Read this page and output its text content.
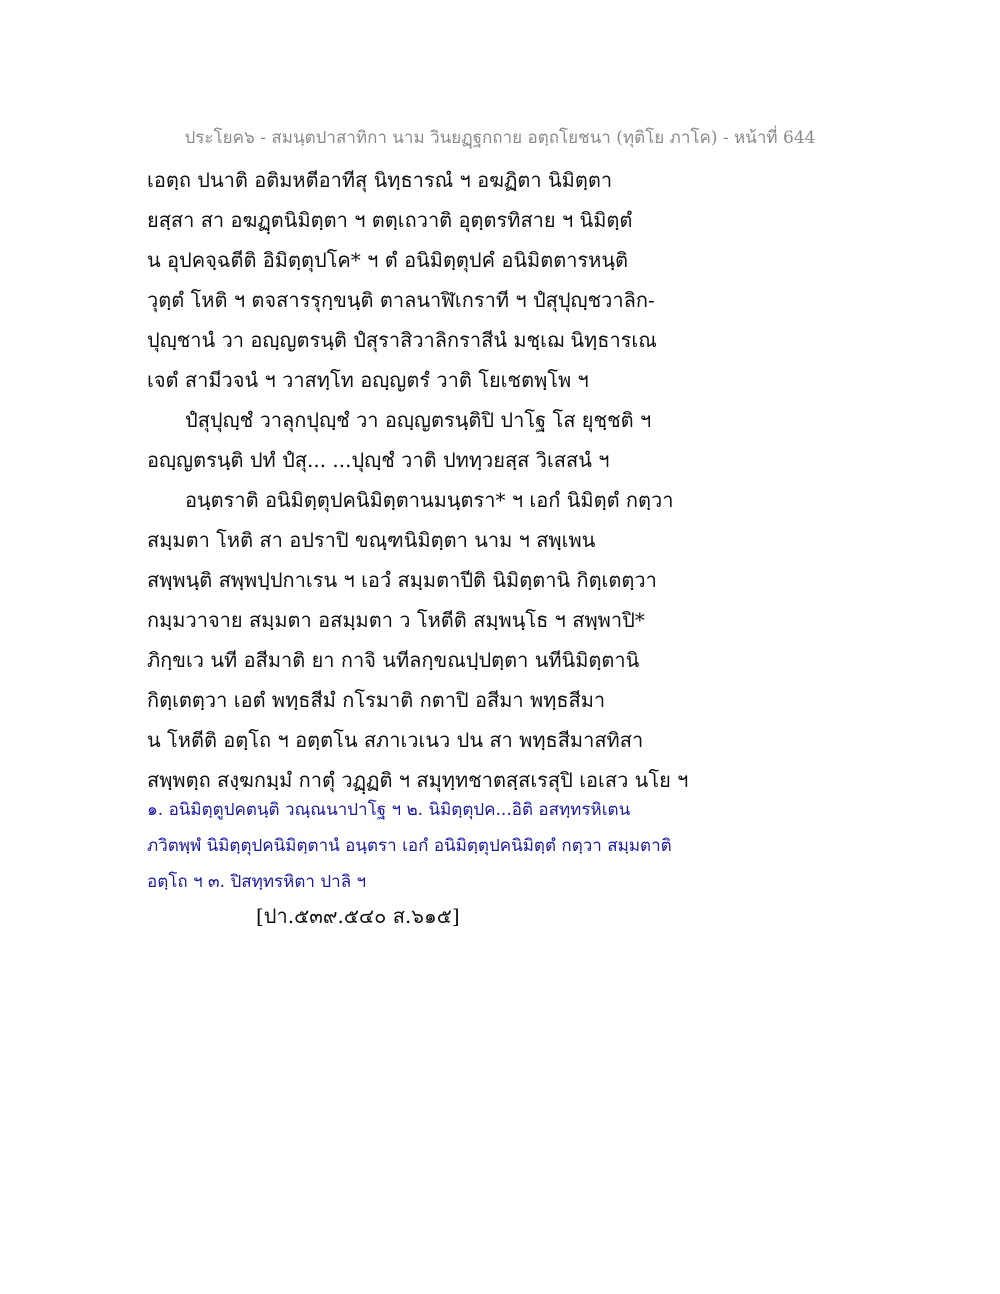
ประโยค๖ - สมนฺตปาสาทิกา นาม วินยฏฺฐกถาย อตฺถโยชนา (ทุติโย ภาโค) - หน้าที่ 644
เอตฺถ ปนาติ อติมหตีอาทีสุ นิทฺธารณํ ฯ อฆฏิตา นิมิตฺตา
ยสฺสา สา อฆฏฺตนิมิตฺตา ฯ ตตฺเถวาติ อุตฺตรทิสาย ฯ นิมิตฺตํ
น อุปคจฺฉตีติ อิมิตฺตุปโค* ฯ ตํ อนิมิตฺตุปคํ อนิมิตตารหนฺติ
วุตฺตํ โหติ ฯ ตจสารรุกฺขนฺติ ตาลนาฬิเกราที ฯ ปํสุปุญฺชวาลิก-
ปุญฺชานํ วา อญฺญตรนฺติ ปํสุราสิวาลิกราสีนํ มชฺเฌ นิทฺธารเณ
เจตํ สามีวจนํ ฯ วาสทฺโท อญฺญตรํ วาติ โยเชตพฺโพ ฯ
ปํสุปุญฺชํ วาลุกปุญฺชํ วา อญฺญตรนฺติปิ ปาโฐ โส ยุชฺชติ ฯ
อญฺญตรนฺติ ปทํ ปํสุ... ...ปุญฺชํ วาติ ปททฺวยสฺส วิเสสนํ ฯ
อนฺตราติ อนิมิตฺตุปคนิมิตฺตานมนฺตรา* ฯ เอกํ นิมิตฺตํ กตฺวา
สมฺมตา โหติ สา อปราปิ ขณฺฑนิมิตฺตา นาม ฯ สพฺเพน
สพฺพนฺติ สพฺพปฺปกาเรน ฯ เอวํ สมฺมตาปีติ นิมิตฺตานิ กิตฺเตตฺวา
กมฺมวาจาย สมฺมตา อสมฺมตา ว โหตีติ สมฺพนฺโธ ฯ สพฺพาปิ*
ภิกฺขเว นที อสีมาติ ยา กาจิ นทีลกฺขณปฺปตฺตา นทีนิมิตฺตานิ
กิตฺเตตฺวา เอตํ พทฺธสีมํ กโรมาติ กตาปิ อสีมา พทฺธสีมา
น โหตีติ อตฺโถ ฯ อตฺตโน สภาเวเนว ปน สา พทฺธสีมาสทิสา
สพฺพตฺถ สงฺฆกมฺมํ กาตุํ วฏฺฏติ ฯ สมุทฺทชาตสฺสเรสุปิ เอเสว นโย ฯ
๑. อนิมิตฺตูปคตนฺติ วณฺณนาปาโฐ ฯ ๒. นิมิตฺตุปค...อิติ อสทฺทรหิเตน
ภวิตพฺพํ นิมิตฺตุปคนิมิตฺตานํ อนฺตรา เอกํ อนิมิตฺตุปคนิมิตฺตํ กตฺวา สมฺมตาติ
อตฺโถ ฯ ๓. ปิสทฺทรหิตา ปาลิ ฯ
[ปา.๕๓๙.๕๔๐ ส.๖๑๕]
